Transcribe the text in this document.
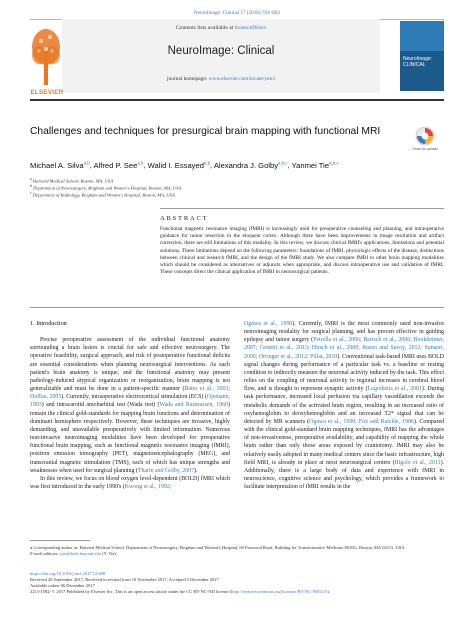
NeuroImage: Clinical 17 (2018) 794–803
ELSEVIER
Contents lists available at ScienceDirect
NeuroImage: Clinical
journal homepage: www.elsevier.com/locate/ynicl
NeuroImage: CLINICAL
Challenges and techniques for presurgical brain mapping with functional MRI
Check for updates
Michael A. Silva$^{a,b}$, Alfred P. See$^{a,b}$, Walid I. Essayed$^{a,b}$, Alexandra J. Golby$^{a,b,c}$, Yanmei Tie$^{a,b,⁎}$
$^a$ Harvard Medical School, Boston, MA, USA
$^b$ Department of Neurosurgery, Brigham and Women's Hospital, Boston, MA, USA
$^c$ Department of Radiology, Brigham and Women's Hospital, Boston, MA, USA
ABSTRACT
Functional magnetic resonance imaging (fMRI) is increasingly used for preoperative counseling and planning, and intraoperative guidance for tumor resection in the eloquent cortex. Although there have been improvements in image resolution and artifact correction, there are still limitations of this modality. In this review, we discuss clinical fMRI's applications, limitations and potential solutions. These limitations depend on the following parameters: foundations of fMRI, physiologic effects of the disease, distinctions between clinical and research fMRI, and the design of the fMRI study. We also compare fMRI to other brain mapping modalities which should be considered as alternatives or adjuncts when appropriate, and discuss intraoperative use and validation of fMRI. These concepts direct the clinical application of fMRI in neurosurgical patients.
1. Introduction
Precise preoperative assessment of the individual functional anatomy surrounding a brain lesion is crucial for safe and effective neurosurgery. The operative feasibility, surgical approach, and risk of postoperative functional deficits are essential considerations when planning neurosurgical interventions. As each patient's brain anatomy is unique, and the functional anatomy may present pathology-induced atypical organization or reorganization, brain mapping is not generalizable and must be done in a patient-specific manner (Bates et al., 2003; Duffau, 2005). Currently, intraoperative electrocortical stimulation (ECS) (Ojemann, 1993) and intracarotid amobarbital test (Wada test) (Wada and Rasmussen, 1960) remain the clinical gold-standards for mapping brain functions and determination of dominant hemisphere respectively. However, these techniques are invasive, highly demanding, and unavailable preoperatively with limited information. Numerous non-invasive neuroimaging modalities have been developed for preoperative functional brain mapping, such as functional magnetic resonance imaging (fMRI), positron emission tomography (PET), magnetoencephalography (MEG), and transcranial magnetic stimulation (TMS), each of which has unique strengths and weaknesses when used for surgical planning (Tharin and Golby, 2007).
In this review, we focus on blood oxygen level-dependent (BOLD) fMRI which was first introduced in the early 1990's (Kwong et al., 1992;
Ogawa et al., 1990). Currently, fMRI is the most commonly used non-invasive neuroimaging modality for surgical planning, and has proven effective in guiding epilepsy and tumor surgery (Petrella et al., 2006; Bartsch et al., 2006; Bookheimer, 2007; Genetti et al., 2013; Hirsch et al., 2000; Rosen and Savoy, 2012; Sunaert, 2006; Orringer et al., 2012; Pillai, 2010). Conventional task-based fMRI uses BOLD signal changes during performance of a particular task vs. a baseline or resting condition to indirectly measure the neuronal activity induced by the task. This effect relies on the coupling of neuronal activity to regional increases in cerebral blood flow, and is thought to represent synaptic activity (Logothetis et al., 2001). During task performance, increased local perfusion via capillary vasodilation exceeds the metabolic demands of the activated brain region, resulting in an increased ratio of oxyhemoglobin to deoxyhemoglobin and an increased T2* signal that can be detected by MR scanners (Ogawa et al., 1990; Fox and Raichle, 1986). Compared with the clinical gold-standard brain mapping techniques, fMRI has the advantages of non-invasiveness, preoperative availability, and capability of mapping the whole brain rather than only those areas exposed by craniotomy. fMRI may also be relatively easily adopted in many medical centers since the basic infrastructure, high field MRI, is already in place at most neurosurgical centers (Rigolo et al., 2011). Additionally, there is a large body of data and experience with fMRI in neuroscience, cognitive science and psychology, which provides a framework to facilitate interpretation of fMRI results in the
⁎ Corresponding author at: Harvard Medical School, Department of Neurosurgery, Brigham and Women's Hospital, 60 Fenwood Road, Building for Transformative Medicine 8016G, Boston, MA 02115, USA.
E-mail address: ytie@bwh.harvard.edu (Y. Tie).
https://doi.org/10.1016/j.nicl.2017.12.008
Received 20 September 2017; Received in revised form 10 November 2017; Accepted 5 December 2017
Available online 06 December 2017
2213-1582/ © 2017 Published by Elsevier Inc. This is an open access article under the CC BY-NC-ND license (http://creativecommons.org/licenses/BY-NC-ND/4.0/).
